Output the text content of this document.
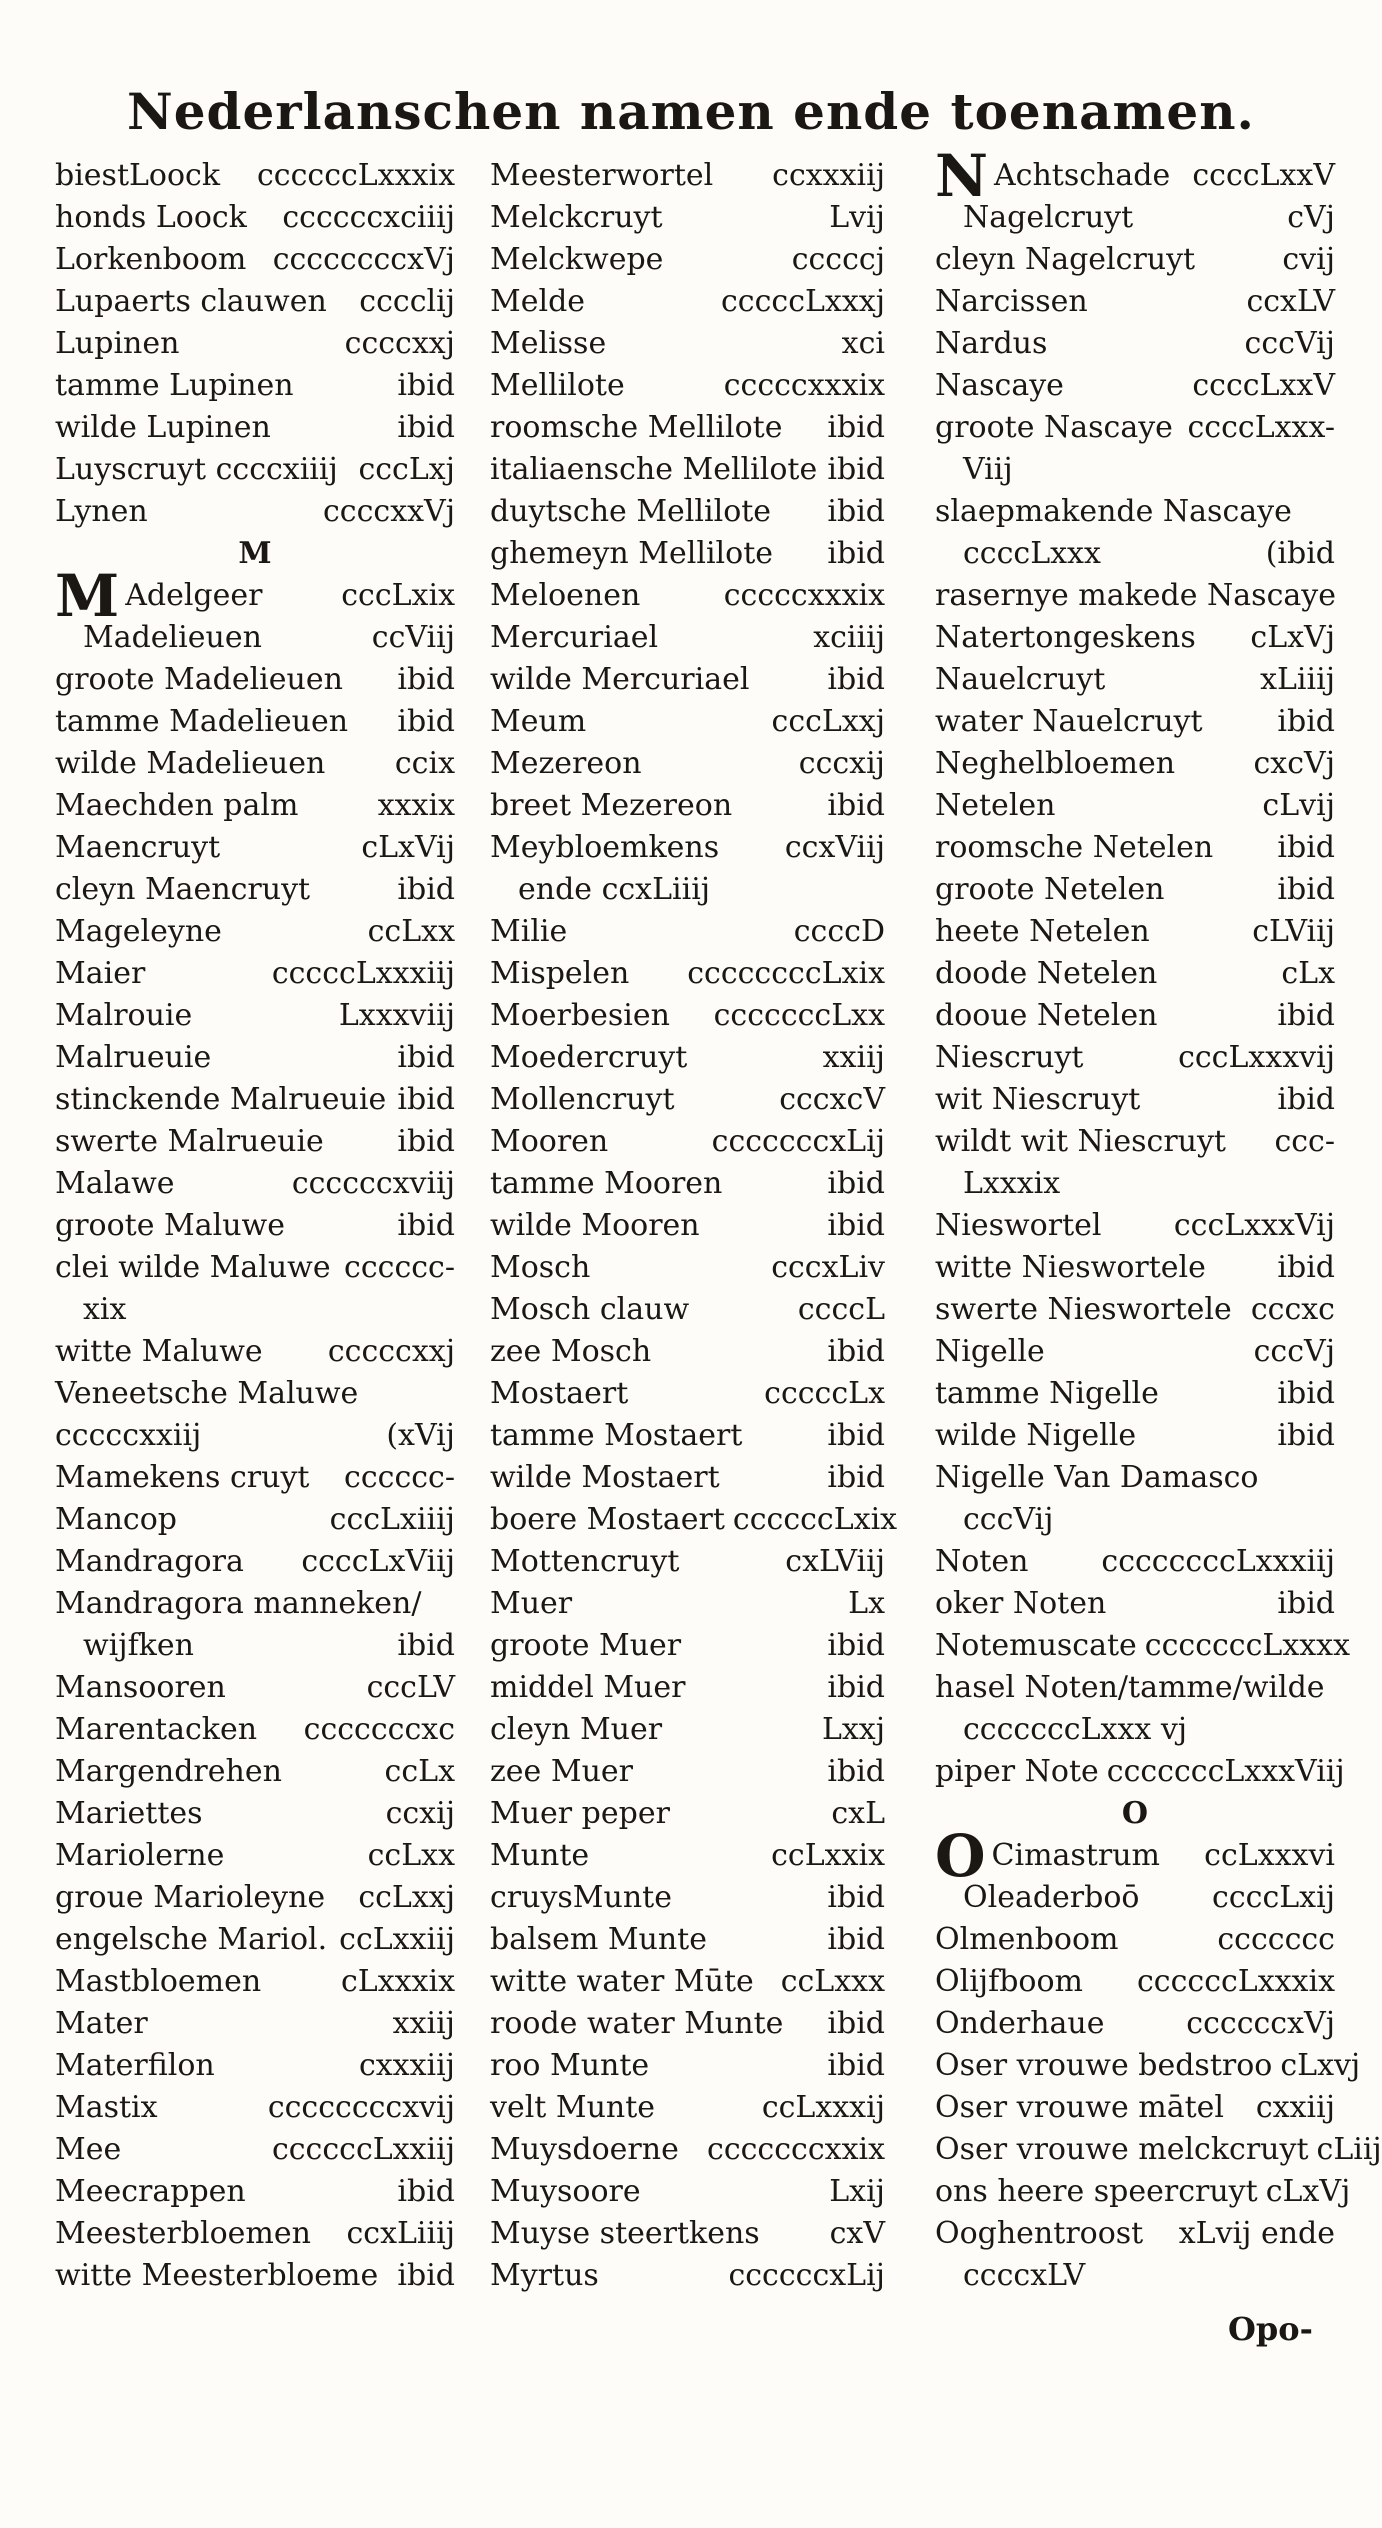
Nederlanschen namen ende toenamen.
biestLoock ccccccLxxxix
honds Loock ccccccxciiij
Lorkenboom ccccccccxVj
Lupaerts clauwen cccclij
Lupinen	ccccxxj
tamme Lupinen	ibid
wilde Lupinen	ibid
Luyscruyt ccccxiiij cccLxj
Lynen	ccccxxVj
M
M Adelgeer	cccLxix
Madelieuen	ccViij
groote Madelieuen ibid
tamme Madelieuen ibid
wilde Madelieuen ccix
Maechden palm	xxxix
Maencruyt	cLxVij
cleyn Maencruyt	ibid
Mageleyne	ccLxx
Maier	cccccLxxxiij
Malrouie	Lxxxviij
Malrueuie	ibid
stinckende Malrueuie ibid
swerte Malrueuie ibid
Malawe	ccccccxviij
groote Maluwe	ibid
clei wilde Maluwe cccccc-
xix
witte Maluwe cccccxxj
Veneetsche Maluwe
cccccxxiij	(xVij
Mamekens cruyt cccccc-
Mancop	cccLxiiij
Mandragora ccccLxViij
Mandragora manneken/
wijfken	ibid
Mansooren	cccLV
Marentacken cccccccxc
Margendrehen	ccLx
Mariettes	ccxij
Mariolerne	ccLxx
groue Marioleyne ccLxxj
engelsche Mariol. ccLxxiij
Mastbloemen	cLxxxix
Mater	xxiij
Materfilon	cxxxiij
Mastix	ccccccccxvij
Mee	ccccccLxxiij
Meecrappen	ibid
Meesterbloemen ccxLiiij
witte Meesterbloeme ibid
Meesterwortel ccxxxiij
Melckcruyt	Lvij
Melckwepe	cccccj
Melde	cccccLxxxj
Melisse	xci
Mellilote	cccccxxxix
roomsche Mellilote ibid
italiaensche Mellilote ibid
duytsche Mellilote ibid
ghemeyn Mellilote ibid
Meloenen	cccccxxxix
Mercuriael	xciiij
wilde Mercuriael	ibid
Meum	cccLxxj
Mezereon	cccxij
breet Mezereon	ibid
Meybloemkens ccxViij
ende ccxLiiij
Milie	ccccD
Mispelen ccccccccLxix
Moerbesien cccccccLxx
Moedercruyt	xxiij
Mollencruyt	cccxcV
Mooren	cccccccxLij
tamme Mooren	ibid
wilde Mooren	ibid
Mosch	cccxLiv
Mosch clauw	ccccL
zee Mosch	ibid
Mostaert	cccccLx
tamme Mostaert	ibid
wilde Mostaert	ibid
boere Mostaert ccccccLxix
Mottencruyt	cxLViij
Muer	Lx
groote Muer	ibid
middel Muer	ibid
cleyn Muer	Lxxj
zee Muer	ibid
Muer peper	cxL
Munte	ccLxxix
cruysMunte	ibid
balsem Munte	ibid
witte water Mūte ccLxxx
roode water Munte ibid
roo Munte	ibid
velt Munte	ccLxxxij
Muysdoerne cccccccxxix
Muysoore	Lxij
Muyse steertkens cxV
Myrtus	ccccccxLij
N Achtschade ccccLxxV
Nagelcruyt	cVj
cleyn Nagelcruyt	cvij
Narcissen	ccxLV
Nardus	cccVij
Nascaye	ccccLxxV
groote Nascaye ccccLxxx-
Viij
slaepmakende Nascaye
ccccLxxx	(ibid
rasernye makede Nascaye
Natertongeskens cLxVj
Nauelcruyt	xLiiij
water Nauelcruyt ibid
Neghelbloemen	cxcVj
Netelen	cLvij
roomsche Netelen ibid
groote Netelen	ibid
heete Netelen	cLViij
doode Netelen	cLx
dooue Netelen	ibid
Niescruyt	cccLxxxvij
wit Niescruyt	ibid
wildt wit Niescruyt ccc-
Lxxxix
Nieswortel cccLxxxVij
witte Nieswortele ibid
swerte Nieswortele cccxc
Nigelle	cccVj
tamme Nigelle	ibid
wilde Nigelle	ibid
Nigelle Van Damasco
cccVij
Noten ccccccccLxxxiij
oker Noten	ibid
Notemuscate cccccccLxxxx
hasel Noten/tamme/wilde
cccccccLxxx vj
piper Note cccccccLxxxViij
O
O Cimastrum ccLxxxvi
Oleaderboō ccccLxij
Olmenboom	ccccccc
Olijfboom ccccccLxxxix
Onderhaue	ccccccxVj
Oser vrouwe bedstroo cLxvj
Oser vrouwe mātel cxxiij
Oser vrouwe melckcruyt cLiij
ons heere speercruyt cLxVj
Ooghentroost xLvij ende
ccccxLV
Opo-
